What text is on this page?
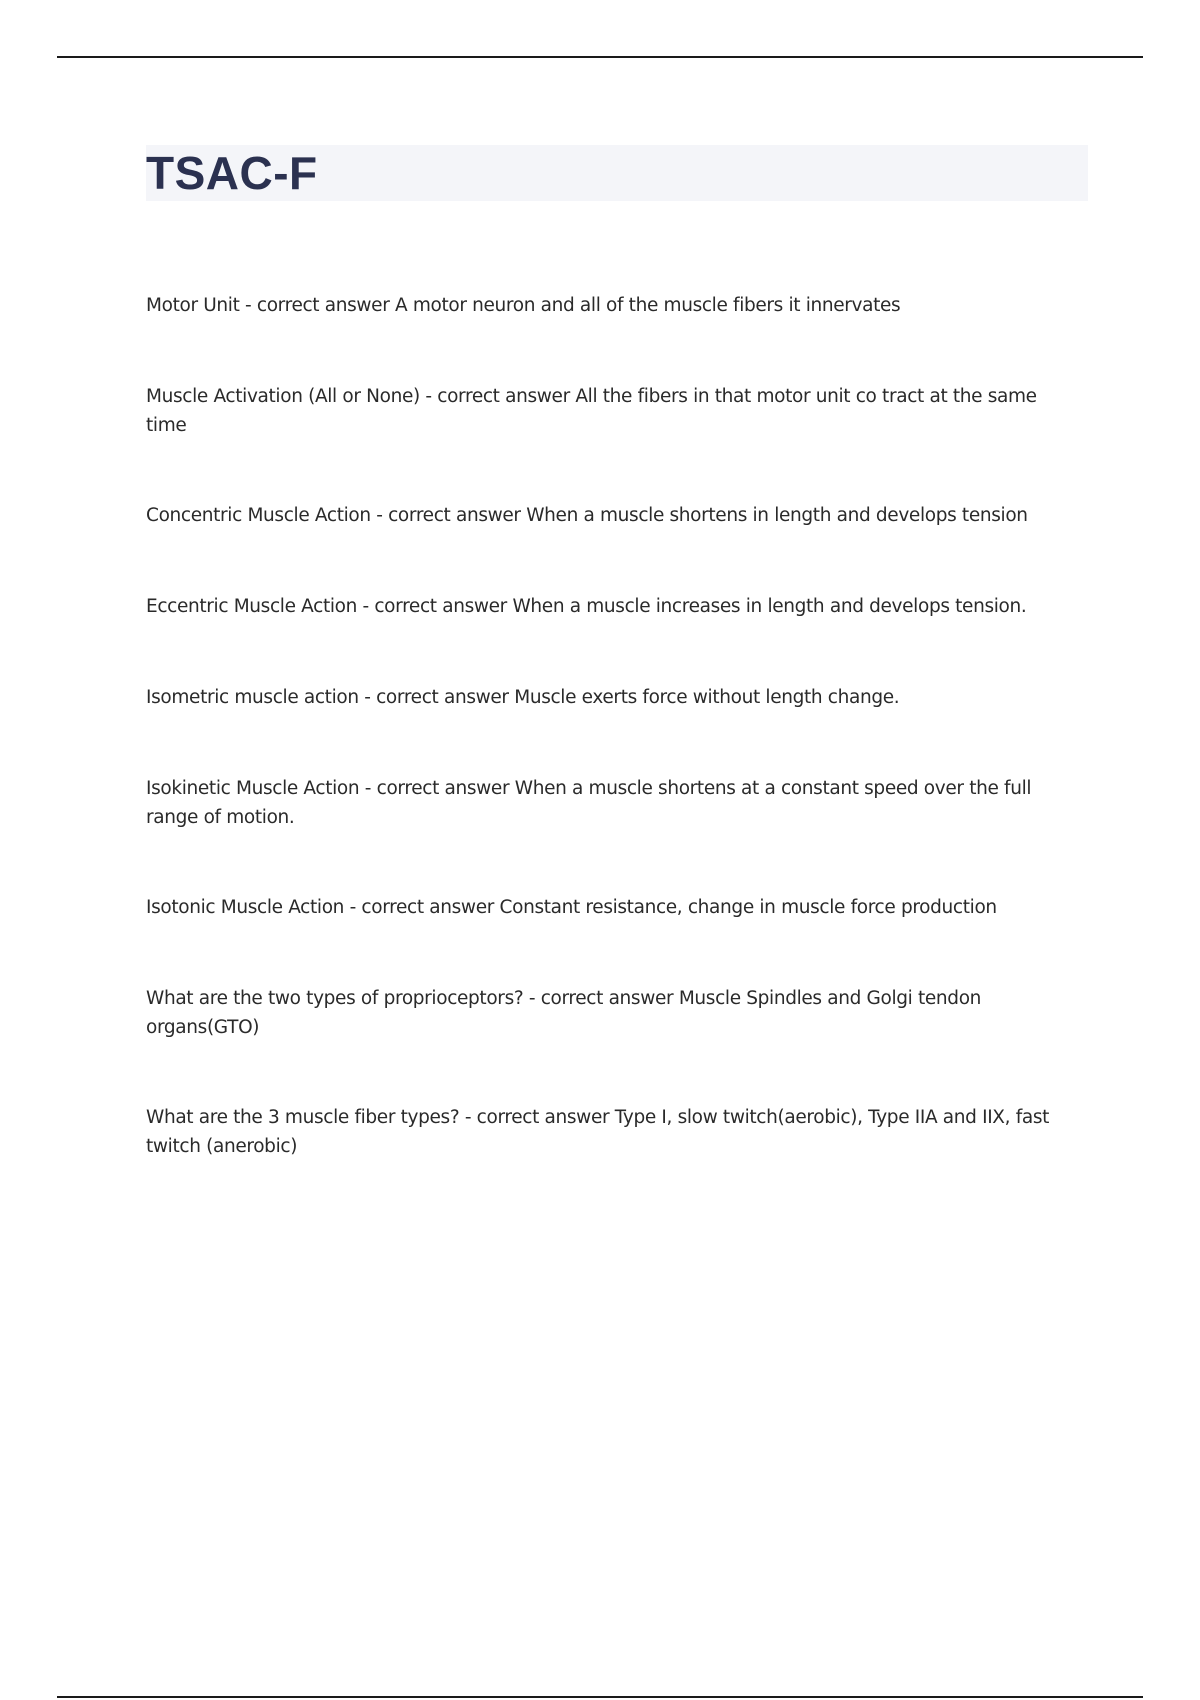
TSAC-F

Motor Unit - correct answer A motor neuron and all of the muscle fibers it innervates

Muscle Activation (All or None) - correct answer All the fibers in that motor unit co tract at the same time

Concentric Muscle Action - correct answer When a muscle shortens in length and develops tension

Eccentric Muscle Action - correct answer When a muscle increases in length and develops tension.

Isometric muscle action - correct answer Muscle exerts force without length change.

Isokinetic Muscle Action - correct answer When a muscle shortens at a constant speed over the full range of motion.

Isotonic Muscle Action - correct answer Constant resistance, change in muscle force production

What are the two types of proprioceptors? - correct answer Muscle Spindles and Golgi tendon organs(GTO)

What are the 3 muscle fiber types? - correct answer Type I, slow twitch(aerobic), Type IIA and IIX, fast twitch (anerobic)
